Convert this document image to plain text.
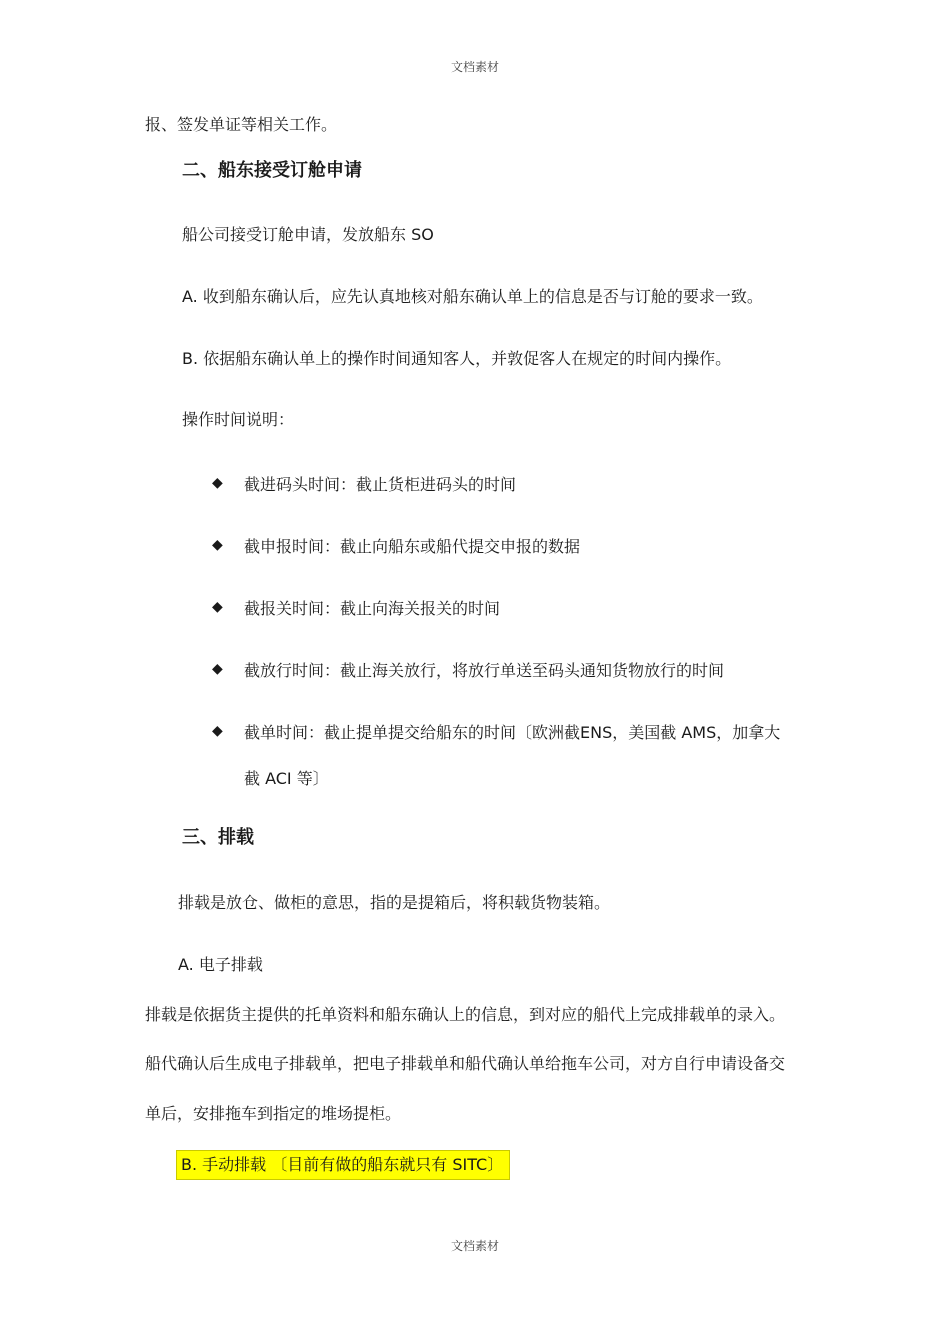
文档素材
报、签发单证等相关工作。
二、船东接受订舱申请
船公司接受订舱申请，发放船东 SO
A. 收到船东确认后，应先认真地核对船东确认单上的信息是否与订舱的要求一致。
B. 依据船东确认单上的操作时间通知客人，并敦促客人在规定的时间内操作。
操作时间说明：
◆ 截进码头时间：截止货柜进码头的时间
◆ 截申报时间：截止向船东或船代提交申报的数据
◆ 截报关时间：截止向海关报关的时间
◆ 截放行时间：截止海关放行，将放行单送至码头通知货物放行的时间
◆ 截单时间：截止提单提交给船东的时间〔欧洲截ENS，美国截 AMS，加拿大
截 ACI 等〕
三、排载
排载是放仓、做柜的意思，指的是提箱后，将积载货物装箱。
A. 电子排载
排载是依据货主提供的托单资料和船东确认上的信息，到对应的船代上完成排载单的录入。
船代确认后生成电子排载单，把电子排载单和船代确认单给拖车公司，对方自行申请设备交
单后，安排拖车到指定的堆场提柜。
B. 手动排载 〔目前有做的船东就只有 SITC〕
文档素材
